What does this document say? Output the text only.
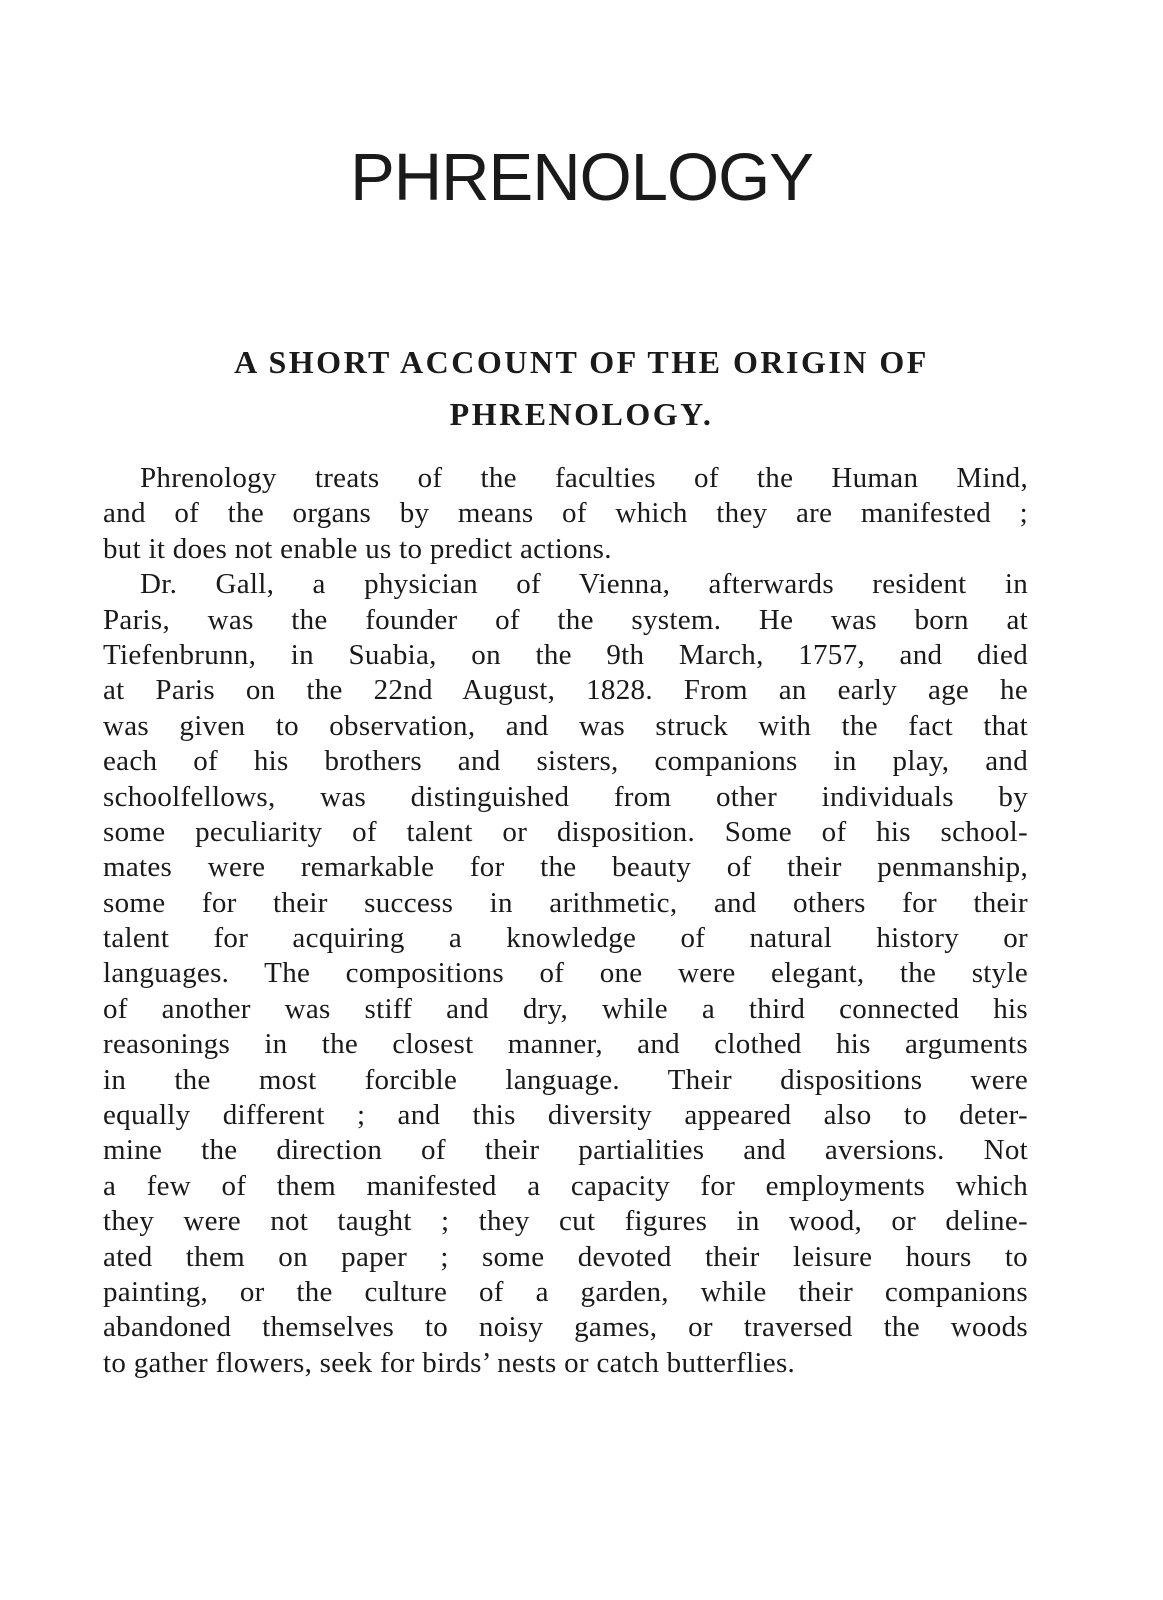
PHRENOLOGY
A SHORT ACCOUNT OF THE ORIGIN OF
PHRENOLOGY.
Phrenology treats of the faculties of the Human Mind,
and of the organs by means of which they are manifested ;
but it does not enable us to predict actions.
Dr. Gall, a physician of Vienna, afterwards resident in
Paris, was the founder of the system. He was born at
Tiefenbrunn, in Suabia, on the 9th March, 1757, and died
at Paris on the 22nd August, 1828. From an early age he
was given to observation, and was struck with the fact that
each of his brothers and sisters, companions in play, and
schoolfellows, was distinguished from other individuals by
some peculiarity of talent or disposition. Some of his school-
mates were remarkable for the beauty of their penmanship,
some for their success in arithmetic, and others for their
talent for acquiring a knowledge of natural history or
languages. The compositions of one were elegant, the style
of another was stiff and dry, while a third connected his
reasonings in the closest manner, and clothed his arguments
in the most forcible language. Their dispositions were
equally different ; and this diversity appeared also to deter-
mine the direction of their partialities and aversions. Not
a few of them manifested a capacity for employments which
they were not taught ; they cut figures in wood, or deline-
ated them on paper ; some devoted their leisure hours to
painting, or the culture of a garden, while their companions
abandoned themselves to noisy games, or traversed the woods
to gather flowers, seek for birds’ nests or catch butterflies.
